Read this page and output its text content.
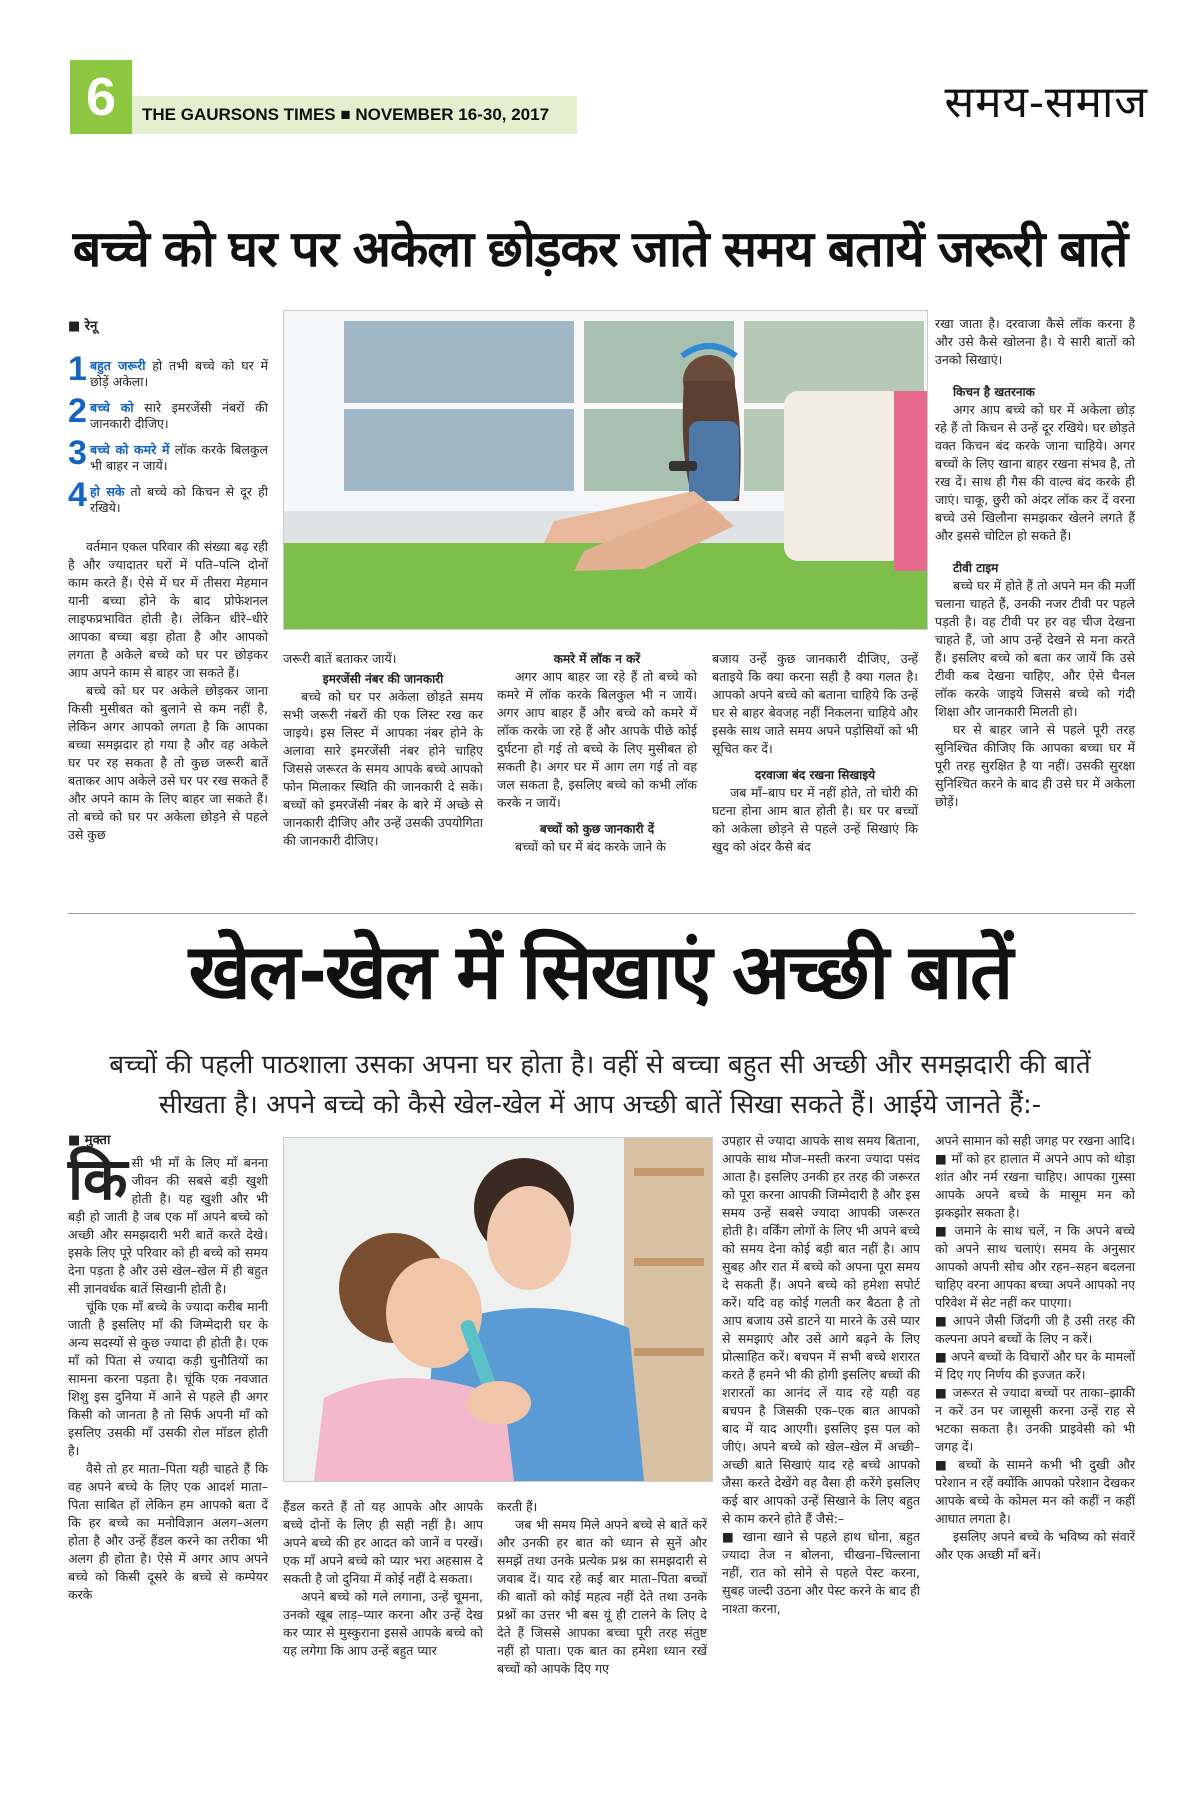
6	THE GAURSONS TIMES ■ NOVEMBER 16-30, 2017	समय-समाज
बच्चे को घर पर अकेला छोड़कर जाते समय बतायें जरूरी बातें
■ रेनू
1 बहुत जरूरी हो तभी बच्चे को घर में छोड़ें अकेला।
2 बच्चे को सारे इमरजेंसी नंबरों की जानकारी दीजिए।
3 बच्चे को कमरे में लॉक करके बिलकुल भी बाहर न जायें।
4 हो सके तो बच्चे को किचन से दूर ही रखिये।

वर्तमान एकल परिवार की संख्या बढ़ रही है और ज्यादातर घरों में पति–पत्नि दोनों काम करते हैं। ऐसे में घर में तीसरा मेहमान यानी बच्चा होने के बाद प्रोफेशनल लाइफप्रभावित होती है। लेकिन धीरे–धीरे आपका बच्चा बड़ा होता है और आपको लगता है अकेले बच्चे को घर पर छोड़कर आप अपने काम से बाहर जा सकते हैं।

बच्चे को घर पर अकेले छोड़कर जाना किसी मुसीबत को बुलाने से कम नहीं है, लेकिन अगर आपको लगता है कि आपका बच्चा समझदार हो गया है और वह अकेले घर पर रह सकता है तो कुछ जरूरी बातें बताकर आप अकेले उसे घर पर रख सकते हैं और अपने काम के लिए बाहर जा सकते हैं। तो बच्चे को घर पर अकेला छोड़ने से पहले उसे कुछ

जरूरी बातें बताकर जायें।

इमरजेंसी नंबर की जानकारी

बच्चे को घर पर अकेला छोड़ते समय सभी जरूरी नंबरों की एक लिस्ट रख कर जाइये। इस लिस्ट में आपका नंबर होने के अलावा सारे इमरजेंसी नंबर होने चाहिए जिससे जरूरत के समय आपके बच्चे आपको फोन मिलाकर स्थिति की जानकारी दे सकें। बच्चों को इमरजेंसी नंबर के बारे में अच्छे से जानकारी दीजिए और उन्हें उसकी उपयोगिता की जानकारी दीजिए।

कमरे में लॉक न करें

अगर आप बाहर जा रहे हैं तो बच्चे को कमरे में लॉक करके बिलकुल भी न जायें। अगर आप बाहर हैं और बच्चे को कमरे में लॉक करके जा रहे हैं और आपके पीछे कोई दुर्घटना हो गई तो बच्चे के लिए मुसीबत हो सकती है। अगर घर में आग लग गई तो वह जल सकता है, इसलिए बच्चे को कभी लॉक करके न जायें।

बच्चों को कुछ जानकारी दें

बच्चों को घर में बंद करके जाने के

बजाय उन्हें कुछ जानकारी दीजिए, उन्हें बताइये कि क्या करना सही है क्या गलत है। आपको अपने बच्चे को बताना चाहिये कि उन्हें घर से बाहर बेवजह नहीं निकलना चाहिये और इसके साथ जाते समय अपने पड़ोसियों को भी सूचित कर दें।

दरवाजा बंद रखना सिखाइये

जब माँ–बाप घर में नहीं होते, तो चोरी की घटना होना आम बात होती है। घर पर बच्चों को अकेला छोड़ने से पहले उन्हें सिखाएं कि खुद को अंदर कैसे बंद

रखा जाता है। दरवाजा कैसे लॉक करना है और उसे कैसे खोलना है। ये सारी बातों को उनको सिखाएं।

किचन है खतरनाक

अगर आप बच्चे को घर में अकेला छोड़ रहे हैं तो किचन से उन्हें दूर रखिये। घर छोड़ते वक्त किचन बंद करके जाना चाहिये। अगर बच्चों के लिए खाना बाहर रखना संभव है, तो रख दें। साथ ही गैस की वाल्व बंद करके ही जाएं। चाकू, छुरी को अंदर लॉक कर दें वरना बच्चे उसे खिलौना समझकर खेलने लगते हैं और इससे चोटिल हो सकते हैं।

टीवी टाइम

बच्चे घर में होते हैं तो अपने मन की मर्जी चलाना चाहते हैं, उनकी नजर टीवी पर पहले पड़ती है। वह टीवी पर हर वह चीज देखना चाहते हैं, जो आप उन्हें देखने से मना करते हैं। इसलिए बच्चे को बता कर जायें कि उसे टीवी कब देखना चाहिए, और ऐसे चैनल लॉक करके जाइये जिससे बच्चे को गंदी शिक्षा और जानकारी मिलती हो।

घर से बाहर जाने से पहले पूरी तरह सुनिश्चित कीजिए कि आपका बच्चा घर में पूरी तरह सुरक्षित है या नहीं। उसकी सुरक्षा सुनिश्चित करने के बाद ही उसे घर में अकेला छोड़ें।

खेल-खेल में सिखाएं अच्छी बातें
बच्चों की पहली पाठशाला उसका अपना घर होता है। वहीं से बच्चा बहुत सी अच्छी और समझदारी की बातें सीखता है। अपने बच्चे को कैसे खेल-खेल में आप अच्छी बातें सिखा सकते हैं। आईये जानते हैं:-
■ मुक्ता

किसी भी माँ के लिए माँ बनना जीवन की सबसे बड़ी खुशी होती है। यह खुशी और भी बड़ी हो जाती है जब एक माँ अपने बच्चे को अच्छी और समझदारी भरी बातें करते देखे। इसके लिए पूरे परिवार को ही बच्चे को समय देना पड़ता है और उसे खेल–खेल में ही बहुत सी ज्ञानवर्धक बातें सिखानी होती है।

चूंकि एक माँ बच्चे के ज्यादा करीब मानी जाती है इसलिए माँ की जिम्मेदारी घर के अन्य सदस्यों से कुछ ज्यादा ही होती है। एक माँ को पिता से ज्यादा कड़ी चुनौतियों का सामना करना पड़ता है। चूंकि एक नवजात शिशु इस दुनिया में आने से पहले ही अगर किसी को जानता है तो सिर्फ अपनी माँ को इसलिए उसकी माँ उसकी रोल मॉडल होती है।

वैसे तो हर माता–पिता यही चाहते हैं कि वह अपने बच्चे के लिए एक आदर्श माता–पिता साबित हों लेकिन हम आपको बता दें कि हर बच्चे का मनोविज्ञान अलग–अलग होता है और उन्हें हैंडल करने का तरीका भी अलग ही होता है। ऐसे में अगर आप अपने बच्चे को किसी दूसरे के बच्चे से कम्पेयर करके

हैंडल करते हैं तो यह आपके और आपके बच्चे दोनों के लिए ही सही नहीं है। आप अपने बच्चे की हर आदत को जानें व परखें। एक माँ अपने बच्चे को प्यार भरा अहसास दे सकती है जो दुनिया में कोई नहीं दे सकता।

अपने बच्चे को गले लगाना, उन्हें चूमना, उनको खूब लाड़–प्यार करना और उन्हें देख कर प्यार से मुस्कुराना इससे आपके बच्चे को यह लगेगा कि आप उन्हें बहुत प्यार

करती हैं।

जब भी समय मिले अपने बच्चे से बातें करें और उनकी हर बात को ध्यान से सुनें और समझें तथा उनके प्रत्येक प्रश्न का समझदारी से जवाब दें। याद रहे कई बार माता–पिता बच्चों की बातों को कोई महत्व नहीं देते तथा उनके प्रश्नों का उत्तर भी बस यूं ही टालने के लिए दे देते हैं जिससे आपका बच्चा पूरी तरह संतुष्ट नहीं हो पाता। एक बात का हमेशा ध्यान रखें बच्चों को आपके दिए गए

उपहार से ज्यादा आपके साथ समय बिताना, आपके साथ मौज–मस्ती करना ज्यादा पसंद आता है। इसलिए उनकी हर तरह की जरूरत को पूरा करना आपकी जिम्मेदारी है और इस समय उन्हें सबसे ज्यादा आपकी जरूरत होती है। वर्किंग लोगों के लिए भी अपने बच्चे को समय देना कोई बड़ी बात नहीं है। आप सुबह और रात में बच्चे को अपना पूरा समय दे सकती हैं। अपने बच्चे को हमेशा सपोर्ट करें। यदि वह कोई गलती कर बैठता है तो आप बजाय उसे डाटने या मारने के उसे प्यार से समझाएं और उसे आगे बढ़ने के लिए प्रोत्साहित करें। बचपन में सभी बच्चे शरारत करते हैं हमने भी की होगी इसलिए बच्चों की शरारतों का आनंद लें याद रहे यही वह बचपन है जिसकी एक–एक बात आपको बाद में याद आएगी। इसलिए इस पल को जीएं। अपने बच्चे को खेल–खेल में अच्छी–अच्छी बाते सिखाएं याद रहे बच्चे आपको जैसा करते देखेंगे वह वैसा ही करेंगे इसलिए कई बार आपको उन्हें सिखाने के लिए बहुत से काम करने होते हैं जैसे:–

■ खाना खाने से पहले हाथ धोना, बहुत ज्यादा तेज न बोलना, चीखना–चिल्लाना नहीं, रात को सोने से पहले पेस्ट करना, सुबह जल्दी उठना और पेस्ट करने के बाद ही नाश्ता करना,

अपने सामान को सही जगह पर रखना आदि।

■ माँ को हर हालात में अपने आप को थोड़ा शांत और नर्म रखना चाहिए। आपका गुस्सा आपके अपने बच्चे के मासूम मन को झकझोर सकता है।

■ जमाने के साथ चलें, न कि अपने बच्चे को अपने साथ चलाएं। समय के अनुसार आपको अपनी सोच और रहन–सहन बदलना चाहिए वरना आपका बच्चा अपने आपको नए परिवेश में सेट नहीं कर पाएगा।

■ आपने जैसी जिंदगी जी है उसी तरह की कल्पना अपने बच्चों के लिए न करें।

■ अपने बच्चों के विचारों और घर के मामलों में दिए गए निर्णय की इज्जत करें।

■ जरूरत से ज्यादा बच्चों पर ताका–झाकी न करें उन पर जासूसी करना उन्हें राह से भटका सकता है। उनकी प्राइवेसी को भी जगह दें।

■ बच्चों के सामने कभी भी दुखी और परेशान न रहें क्योंकि आपको परेशान देखकर आपके बच्चे के कोमल मन को कहीं न कहीं आघात लगता है।

इसलिए अपने बच्चे के भविष्य को संवारें और एक अच्छी माँ बनें।
